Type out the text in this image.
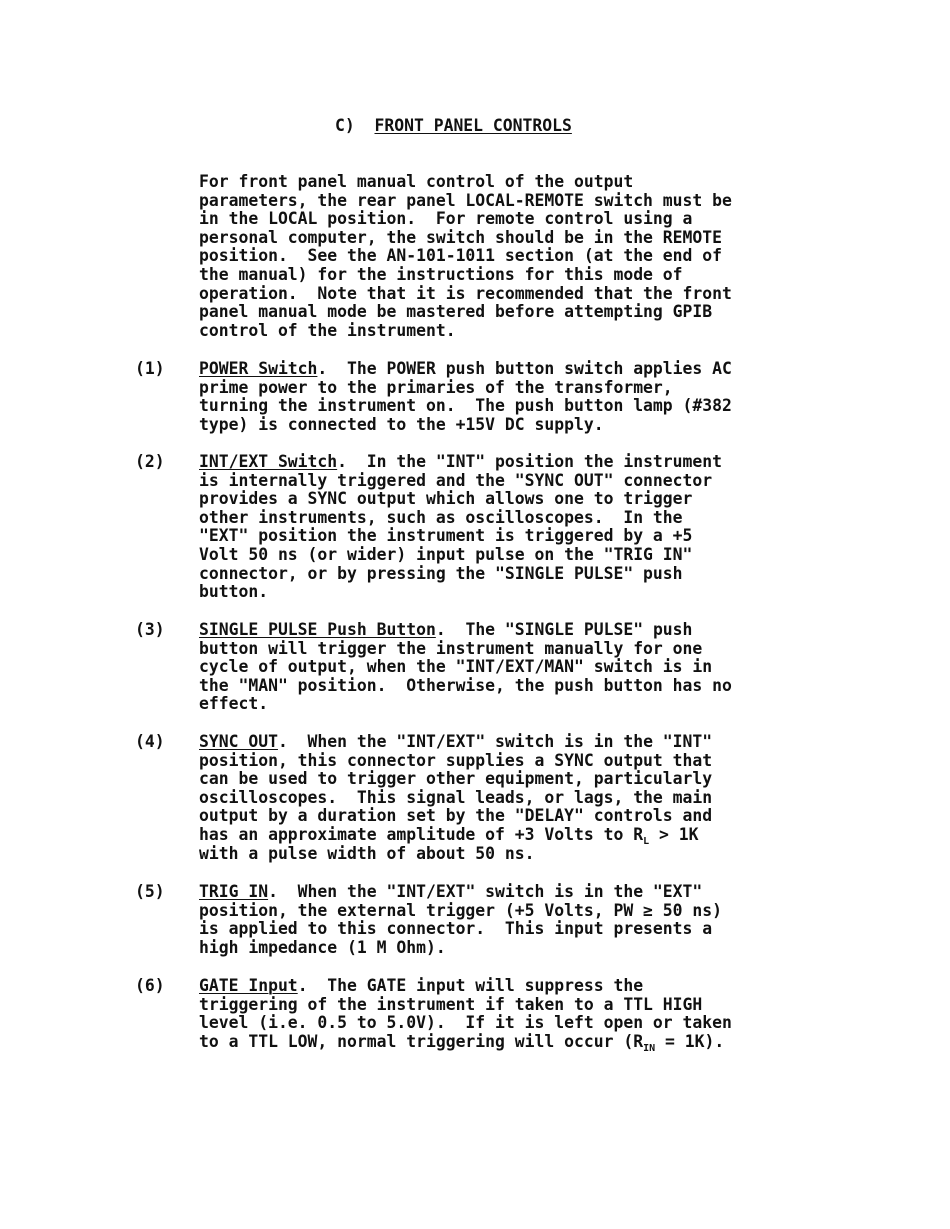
C) FRONT PANEL CONTROLS
For front panel manual control of the output
parameters, the rear panel LOCAL-REMOTE switch must be
in the LOCAL position.  For remote control using a
personal computer, the switch should be in the REMOTE
position.  See the AN-101-1011 section (at the end of
the manual) for the instructions for this mode of
operation.  Note that it is recommended that the front
panel manual mode be mastered before attempting GPIB
control of the instrument.
(1) POWER Switch.  The POWER push button switch applies AC
prime power to the primaries of the transformer,
turning the instrument on.  The push button lamp (#382
type) is connected to the +15V DC supply.
(2) INT/EXT Switch.  In the "INT" position the instrument
is internally triggered and the "SYNC OUT" connector
provides a SYNC output which allows one to trigger
other instruments, such as oscilloscopes.  In the
"EXT" position the instrument is triggered by a +5
Volt 50 ns (or wider) input pulse on the "TRIG IN"
connector, or by pressing the "SINGLE PULSE" push
button.
(3) SINGLE PULSE Push Button.  The "SINGLE PULSE" push
button will trigger the instrument manually for one
cycle of output, when the "INT/EXT/MAN" switch is in
the "MAN" position.  Otherwise, the push button has no
effect.
(4) SYNC OUT.  When the "INT/EXT" switch is in the "INT"
position, this connector supplies a SYNC output that
can be used to trigger other equipment, particularly
oscilloscopes.  This signal leads, or lags, the main
output by a duration set by the "DELAY" controls and
has an approximate amplitude of +3 Volts to $R_L > 1K$
with a pulse width of about 50 ns.
(5) TRIG IN.  When the "INT/EXT" switch is in the "EXT"
position, the external trigger (+5 Volts, PW ≥ 50 ns)
is applied to this connector.  This input presents a
high impedance (1 M Ohm).
(6) GATE Input.  The GATE input will suppress the
triggering of the instrument if taken to a TTL HIGH
level (i.e. 0.5 to 5.0V).  If it is left open or taken
to a TTL LOW, normal triggering will occur $(R_{IN} = 1K)$.
